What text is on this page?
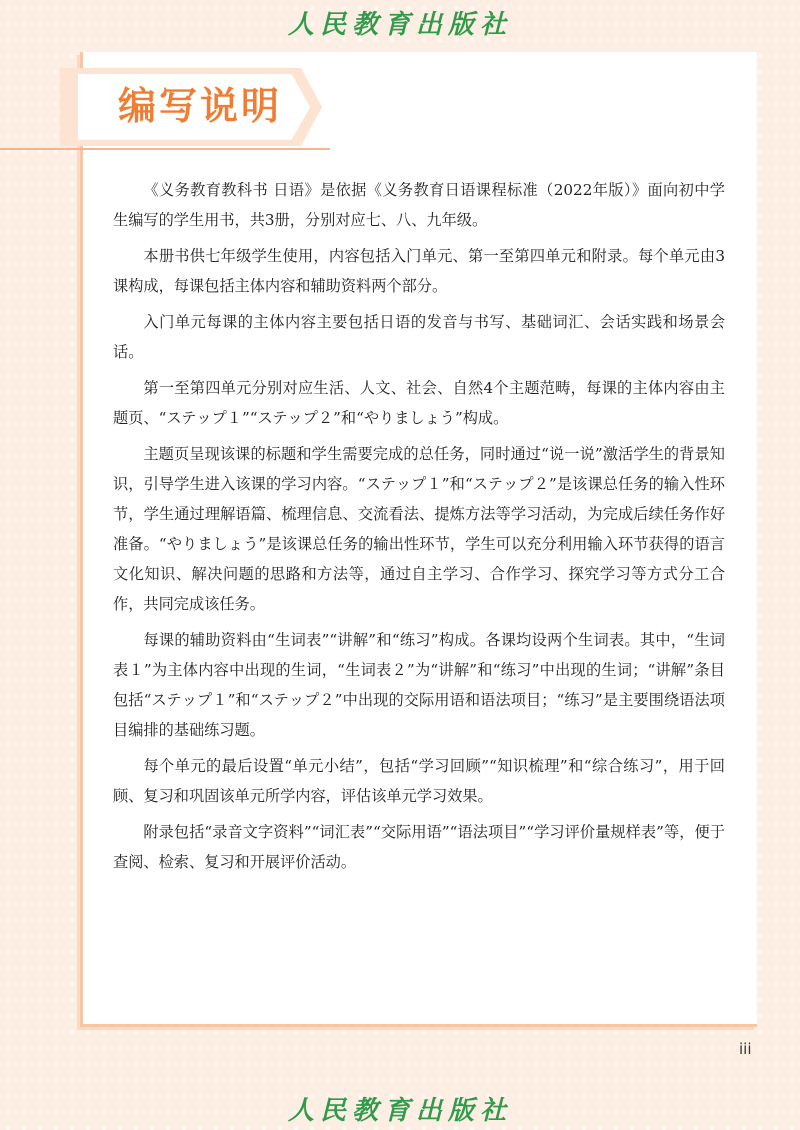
人民教育出版社
编写说明

《义务教育教科书 日语》是依据《义务教育日语课程标准（2022年版）》面向初中学生编写的学生用书，共3册，分别对应七、八、九年级。

本册书供七年级学生使用，内容包括入门单元、第一至第四单元和附录。每个单元由3课构成，每课包括主体内容和辅助资料两个部分。

入门单元每课的主体内容主要包括日语的发音与书写、基础词汇、会话实践和场景会话。

第一至第四单元分别对应生活、人文、社会、自然4个主题范畴，每课的主体内容由主题页、“ステップ１”“ステップ２”和“やりましょう”构成。

主题页呈现该课的标题和学生需要完成的总任务，同时通过“说一说”激活学生的背景知识，引导学生进入该课的学习内容。“ステップ１”和“ステップ２”是该课总任务的输入性环节，学生通过理解语篇、梳理信息、交流看法、提炼方法等学习活动，为完成后续任务作好准备。“やりましょう”是该课总任务的输出性环节，学生可以充分利用输入环节获得的语言文化知识、解决问题的思路和方法等，通过自主学习、合作学习、探究学习等方式分工合作，共同完成该任务。

每课的辅助资料由“生词表”“讲解”和“练习”构成。各课均设两个生词表。其中，“生词表１”为主体内容中出现的生词，“生词表２”为“讲解”和“练习”中出现的生词；“讲解”条目包括“ステップ１”和“ステップ２”中出现的交际用语和语法项目；“练习”是主要围绕语法项目编排的基础练习题。

每个单元的最后设置“单元小结”，包括“学习回顾”“知识梳理”和“综合练习”，用于回顾、复习和巩固该单元所学内容，评估该单元学习效果。

附录包括“录音文字资料”“词汇表”“交际用语”“语法项目”“学习评价量规样表”等，便于查阅、检索、复习和开展评价活动。

iii
人民教育出版社
